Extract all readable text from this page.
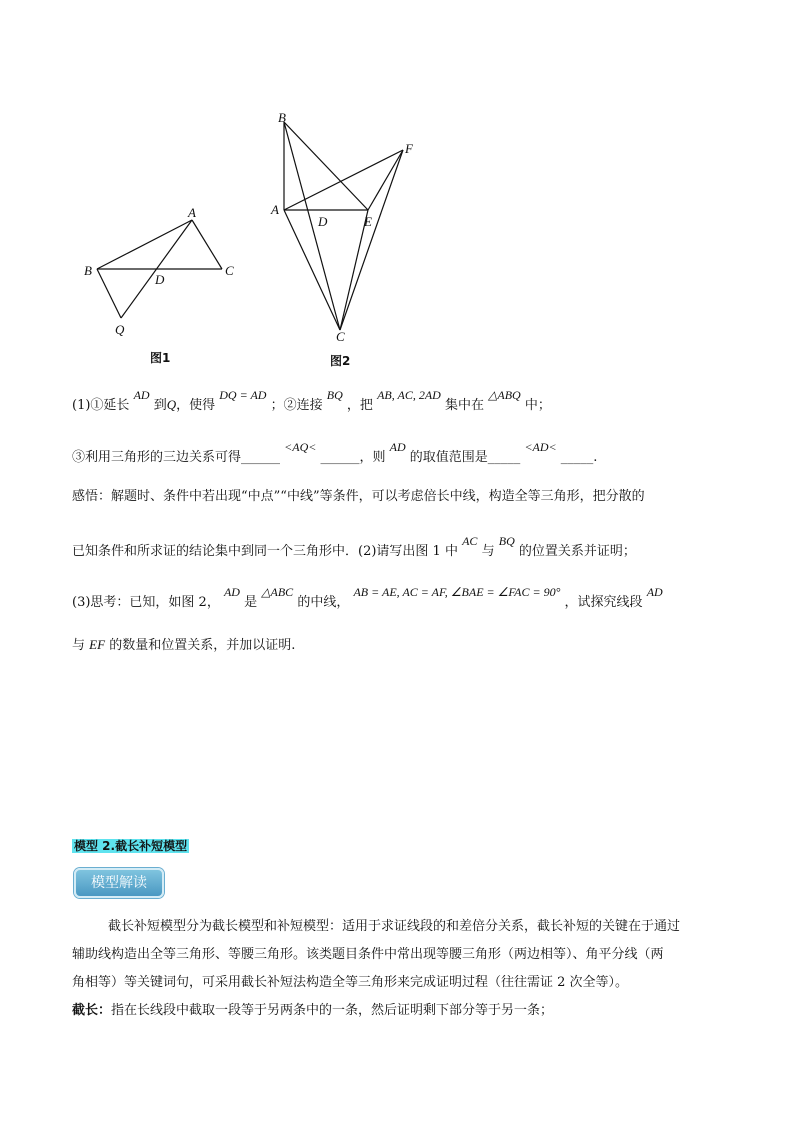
A
B	C
D
Q
图1
B
F
A
D	E
C
图2
(1)①延长 AD 到Q，使得 DQ = AD ；②连接 BQ ，把 AB, AC, 2AD 集中在 △ABQ 中；
③利用三角形的三边关系可得______ <AQ< ______，则 AD 的取值范围是_____ <AD< _____.
感悟：解题时、条件中若出现“中点”“中线”等条件，可以考虑倍长中线，构造全等三角形，把分散的
已知条件和所求证的结论集中到同一个三角形中．(2)请写出图 1 中 AC 与 BQ 的位置关系并证明；
(3)思考：已知，如图 2， AD 是 △ABC 的中线， AB = AE, AC = AF, ∠BAE = ∠FAC = 90° ，试探究线段 AD
与 EF 的数量和位置关系，并加以证明.
模型 2.截长补短模型
模型解读
截长补短模型分为截长模型和补短模型：适用于求证线段的和差倍分关系，截长补短的关键在于通过
辅助线构造出全等三角形、等腰三角形。该类题目条件中常出现等腰三角形（两边相等）、角平分线（两
角相等）等关键词句，可采用截长补短法构造全等三角形来完成证明过程（往往需证 2 次全等）。
截长：指在长线段中截取一段等于另两条中的一条，然后证明剩下部分等于另一条；
